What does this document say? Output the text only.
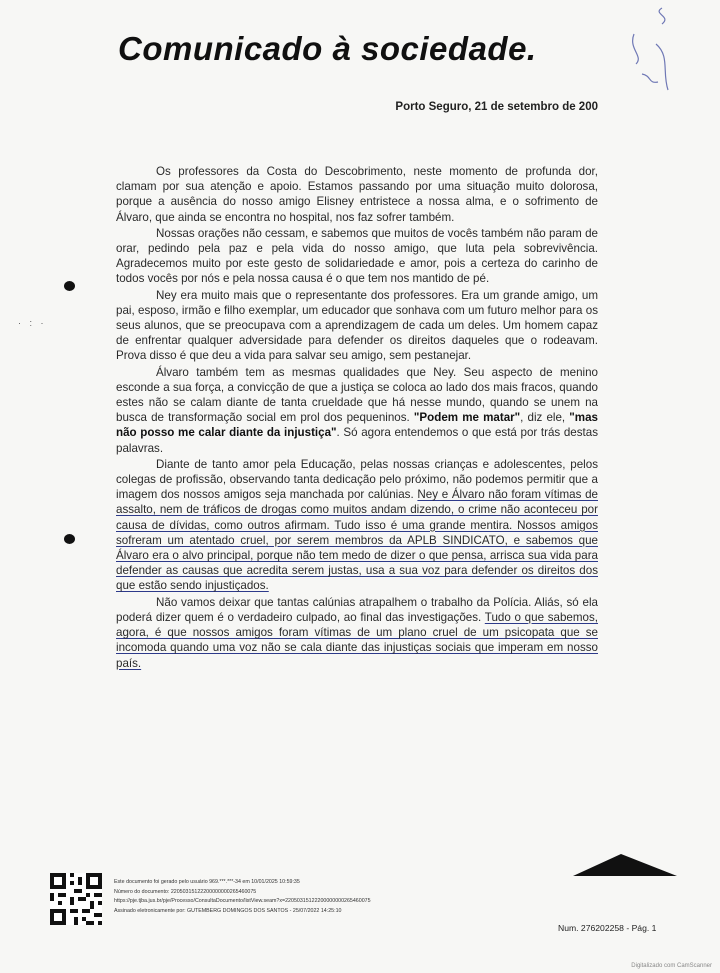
Comunicado à sociedade.
Porto Seguro, 21 de setembro de 200
· : ·

Os professores da Costa do Descobrimento, neste momento de profunda dor, clamam por sua atenção e apoio. Estamos passando por uma situação muito dolorosa, porque a ausência do nosso amigo Elisney entristece a nossa alma, e o sofrimento de Álvaro, que ainda se encontra no hospital, nos faz sofrer também.

Nossas orações não cessam, e sabemos que muitos de vocês também não param de orar, pedindo pela paz e pela vida do nosso amigo, que luta pela sobrevivência. Agradecemos muito por este gesto de solidariedade e amor, pois a certeza do carinho de todos vocês por nós e pela nossa causa é o que tem nos mantido de pé.

Ney era muito mais que o representante dos professores. Era um grande amigo, um pai, esposo, irmão e filho exemplar, um educador que sonhava com um futuro melhor para os seus alunos, que se preocupava com a aprendizagem de cada um deles. Um homem capaz de enfrentar qualquer adversidade para defender os direitos daqueles que o rodeavam. Prova disso é que deu a vida para salvar seu amigo, sem pestanejar.

Álvaro também tem as mesmas qualidades que Ney. Seu aspecto de menino esconde a sua força, a convicção de que a justiça se coloca ao lado dos mais fracos, quando estes não se calam diante de tanta crueldade que há nesse mundo, quando se unem na busca de transformação social em prol dos pequeninos. "Podem me matar", diz ele, "mas não posso me calar diante da injustiça". Só agora entendemos o que está por trás destas palavras.

Diante de tanto amor pela Educação, pelas nossas crianças e adolescentes, pelos colegas de profissão, observando tanta dedicação pelo próximo, não podemos permitir que a imagem dos nossos amigos seja manchada por calúnias. Ney e Álvaro não foram vítimas de assalto, nem de tráficos de drogas como muitos andam dizendo, o crime não aconteceu por causa de dívidas, como outros afirmam. Tudo isso é uma grande mentira. Nossos amigos sofreram um atentado cruel, por serem membros da APLB SINDICATO, e sabemos que Álvaro era o alvo principal, porque não tem medo de dizer o que pensa, arrisca sua vida para defender as causas que acredita serem justas, usa a sua voz para defender os direitos dos que estão sendo injustiçados.

Não vamos deixar que tantas calúnias atrapalhem o trabalho da Polícia. Aliás, só ela poderá dizer quem é o verdadeiro culpado, ao final das investigações. Tudo o que sabemos, agora, é que nossos amigos foram vítimas de um plano cruel de um psicopata que se incomoda quando uma voz não se cala diante das injustiças sociais que imperam em nosso país.

Este documento foi gerado pelo usuário 969.***.***-34 em 10/01/2025 10:59:35
Número do documento: 22050315122200000000265460075
https://pje.tjba.jus.br/pje/Processo/ConsultaDocumento/listView.seam?x=22050315122200000000265460075
Assinado eletronicamente por: GUTEMBERG DOMINGOS DOS SANTOS - 25/07/2022 14:25:10
Num. 276202258 - Pág. 1
Digitalizado com CamScanner
